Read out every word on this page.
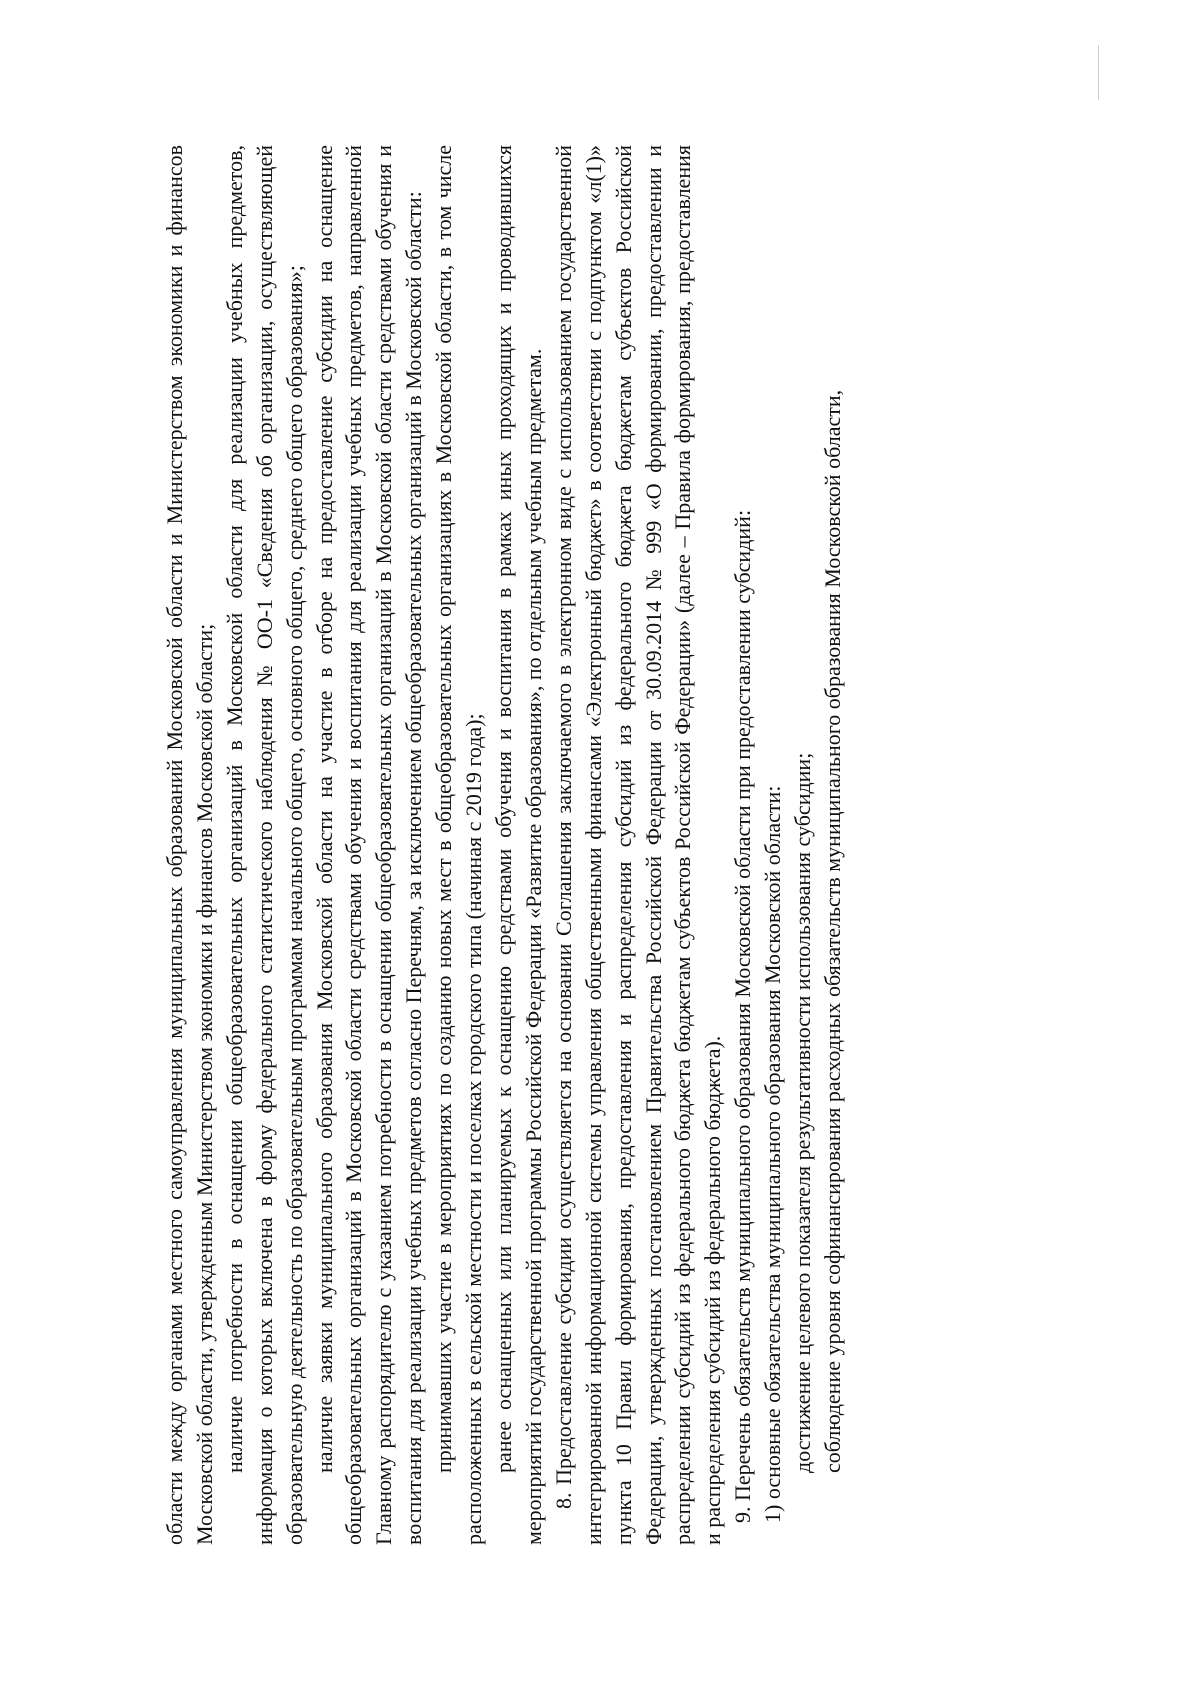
области между органами местного самоуправления муниципальных образований Московской области и Министерством экономики и финансов Московской области, утвержденным Министерством экономики и финансов Московской области; наличие потребности в оснащении общеобразовательных организаций в Московской области для реализации учебных предметов, информация о которых включена в форму федерального статистического наблюдения № ОО-1 «Сведения об организации, осуществляющей образовательную деятельность по образовательным программам начального общего, основного общего, среднего общего образования»; наличие заявки муниципального образования Московской области на участие в отборе на предоставление субсидии на оснащение общеобразовательных организаций в Московской области средствами обучения и воспитания для реализации учебных предметов, направленной Главному распорядителю с указанием потребности в оснащении общеобразовательных организаций в Московской области средствами обучения и воспитания для реализации учебных предметов согласно Перечням, за исключением общеобразовательных организаций в Московской области: принимавших участие в мероприятиях по созданию новых мест в общеобразовательных организациях в Московской области, в том числе расположенных в сельской местности и поселках городского типа (начиная с 2019 года); ранее оснащенных или планируемых к оснащению средствами обучения и воспитания в рамках иных проходящих и проводившихся мероприятий государственной программы Российской Федерации «Развитие образования», по отдельным учебным предметам. 8. Предоставление субсидии осуществляется на основании Соглашения заключаемого в электронном виде с использованием государственной интегрированной информационной системы управления общественными финансами «Электронный бюджет» в соответствии с подпунктом «л(1)» пункта 10 Правил формирования, предоставления и распределения субсидий из федерального бюджета бюджетам субъектов Российской Федерации, утвержденных постановлением Правительства Российской Федерации от 30.09.2014 № 999 «О формировании, предоставлении и распределении субсидий из федерального бюджета бюджетам субъектов Российской Федерации» (далее – Правила формирования, предоставления и распределения субсидий из федерального бюджета). 9. Перечень обязательств муниципального образования Московской области при предоставлении субсидий: 1) основные обязательства муниципального образования Московской области: достижение целевого показателя результативности использования субсидии; соблюдение уровня софинансирования расходных обязательств муниципального образования Московской области,
